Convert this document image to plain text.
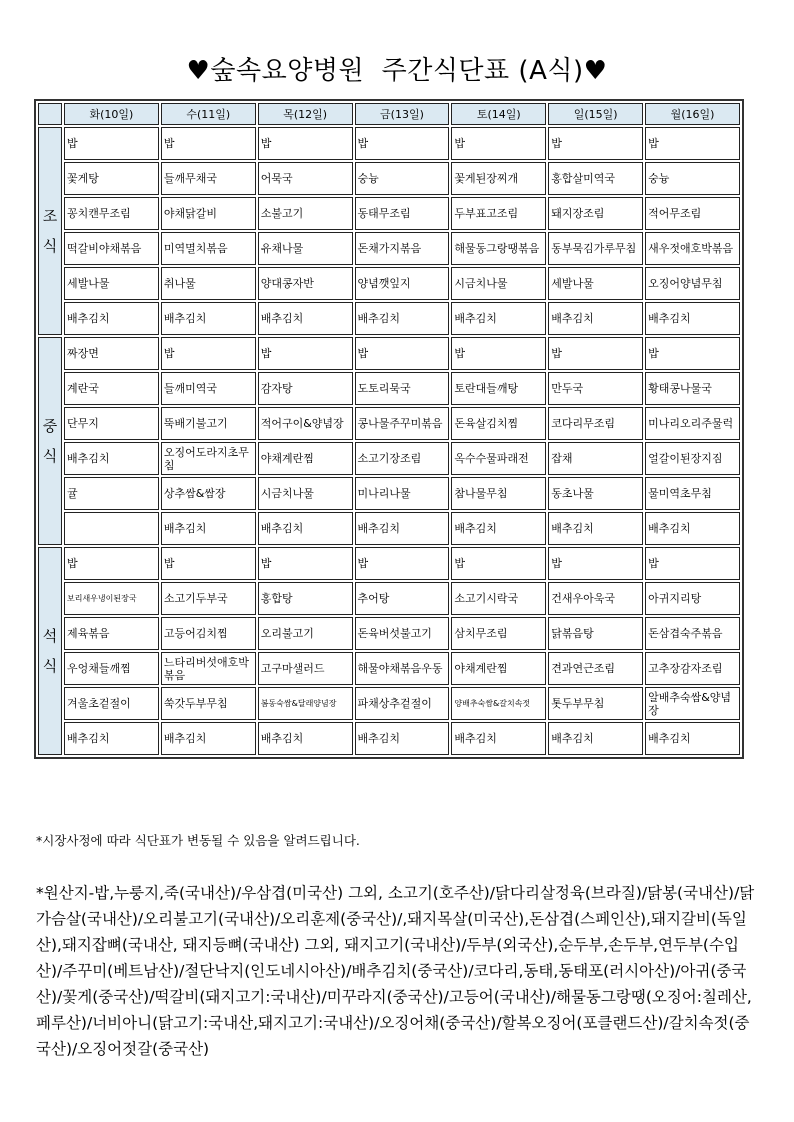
♥숲속요양병원  주간식단표 (A식)♥
	화(10일)	수(11일)	목(12일)	금(13일)	토(14일)	일(15일)	월(16일)

조
식	밥	밥	밥	밥	밥	밥	밥
	꽃게탕	들깨무채국	어묵국	숭늉	꽃게된장찌개	홍합살미역국	숭늉
	꽁치캔무조림	야채닭갈비	소불고기	동태무조림	두부표고조림	돼지장조림	적어무조림
	떡갈비야채볶음	미역멸치볶음	유채나물	돈채가지볶음	해물동그랑땡볶음	동부묵김가루무침	새우젓애호박볶음
	세발나물	취나물	양대콩자반	양념깻잎지	시금치나물	세발나물	오징어양념무침
	배추김치	배추김치	배추김치	배추김치	배추김치	배추김치	배추김치

중
식	짜장면	밥	밥	밥	밥	밥	밥
	계란국	들깨미역국	감자탕	도토리묵국	토란대들깨탕	만두국	황태콩나물국
	단무지	뚝배기불고기	적어구이&양념장	콩나물주꾸미볶음	돈육살김치찜	코다리무조림	미나리오리주물럭
	배추김치	오징어도라지초무침	야채계란찜	소고기장조림	옥수수물파래전	잡채	얼갈이된장지짐
	귤	상추쌈&쌈장	시금치나물	미나리나물	참나물무침	동초나물	물미역초무침
		배추김치	배추김치	배추김치	배추김치	배추김치	배추김치

석
식	밥	밥	밥	밥	밥	밥	밥
	보리새우냉이된장국	소고기두부국	홍합탕	추어탕	소고기시락국	건새우아욱국	아귀지리탕
	제육볶음	고등어김치찜	오리불고기	돈육버섯불고기	삼치무조림	닭볶음탕	돈삼겹숙주볶음
	우엉채들깨찜	느타리버섯애호박볶음	고구마샐러드	해물야채볶음우동	야채계란찜	견과연근조림	고추장감자조림
	겨울초겉절이	쑥갓두부무침	봄동숙쌈&달래양념장	파채상추겉절이	양배추숙쌈&갈치속젓	톳두부무침	알배추숙쌈&양념장
	배추김치	배추김치	배추김치	배추김치	배추김치	배추김치	배추김치
*시장사정에 따라 식단표가 변동될 수 있음을 알려드립니다.
*원산지-밥,누룽지,죽(국내산)/우삼겹(미국산) 그외, 소고기(호주산)/닭다리살정육(브라질)/닭봉(국내산)/닭가슴살(국내산)/오리불고기(국내산)/오리훈제(중국산)/,돼지목살(미국산),돈삼겹(스페인산),돼지갈비(독일산),돼지잡뼈(국내산, 돼지등뼈(국내산) 그외, 돼지고기(국내산)/두부(외국산),순두부,손두부,연두부(수입산)/주꾸미(베트남산)/절단낙지(인도네시아산)/배추김치(중국산)/코다리,동태,동태포(러시아산)/아귀(중국산)/꽃게(중국산)/떡갈비(돼지고기:국내산)/미꾸라지(중국산)/고등어(국내산)/해물동그랑땡(오징어:칠레산,페루산)/너비아니(닭고기:국내산,돼지고기:국내산)/오징어채(중국산)/할복오징어(포클랜드산)/갈치속젓(중국산)/오징어젓갈(중국산)
